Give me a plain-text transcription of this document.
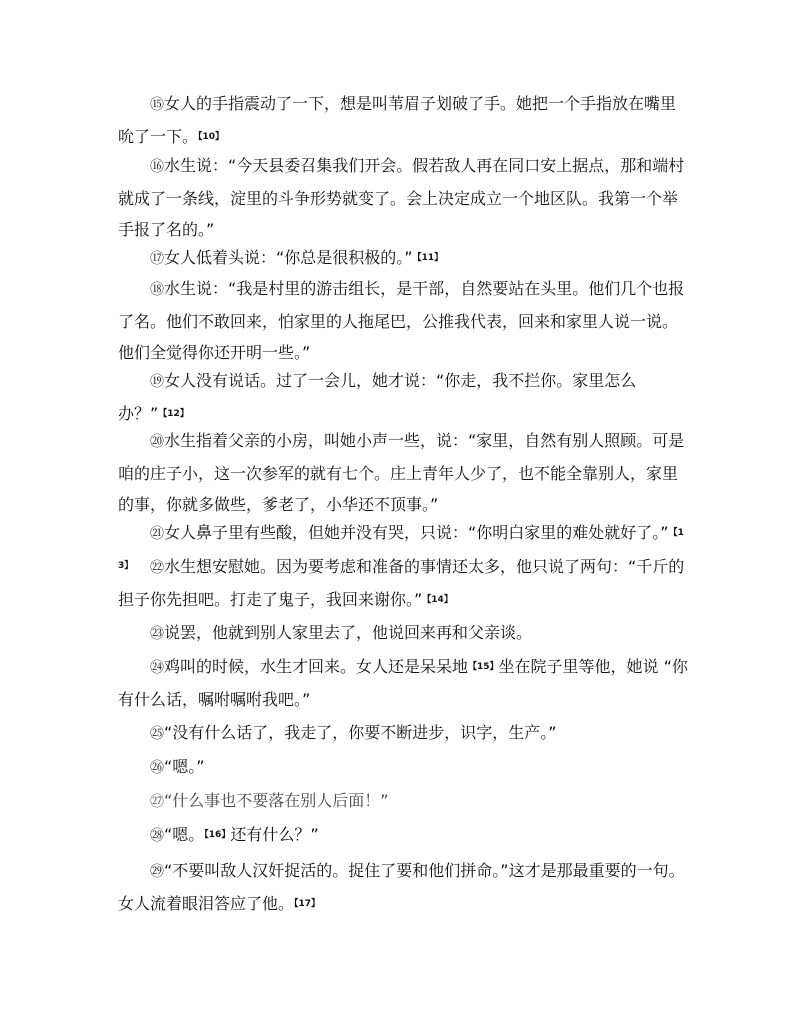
⑮女人的手指震动了一下，想是叫苇眉子划破了手。她把一个手指放在嘴里吮了一下。【10】

⑯水生说：“今天县委召集我们开会。假若敌人再在同口安上据点，那和端村就成了一条线，淀里的斗争形势就变了。会上决定成立一个地区队。我第一个举手报了名的。”

⑰女人低着头说：“你总是很积极的。”【11】

⑱水生说：“我是村里的游击组长，是干部，自然要站在头里。他们几个也报了名。他们不敢回来，怕家里的人拖尾巴，公推我代表，回来和家里人说一说。他们全觉得你还开明一些。”

⑲女人没有说话。过了一会儿，她才说：“你走，我不拦你。家里怎么办？”【12】

⑳水生指着父亲的小房，叫她小声一些，说：“家里，自然有别人照顾。可是咱的庄子小，这一次参军的就有七个。庄上青年人少了，也不能全靠别人，家里的事，你就多做些，爹老了，小华还不顶事。”

㉑女人鼻子里有些酸，但她并没有哭，只说：“你明白家里的难处就好了。”【13】	㉒水生想安慰她。因为要考虑和准备的事情还太多，他只说了两句：“千斤的担子你先担吧。打走了鬼子，我回来谢你。”【14】

㉓说罢，他就到别人家里去了，他说回来再和父亲谈。

㉔鸡叫的时候，水生才回来。女人还是呆呆地【15】坐在院子里等他，她说 “你有什么话，嘱咐嘱咐我吧。”

㉕“没有什么话了，我走了，你要不断进步，识字，生产。”

㉖“嗯。”

㉗“什么事也不要落在别人后面！”

㉘“嗯。【16】还有什么？”

㉙“不要叫敌人汉奸捉活的。捉住了要和他们拼命。”这才是那最重要的一句。女人流着眼泪答应了他。【17】
